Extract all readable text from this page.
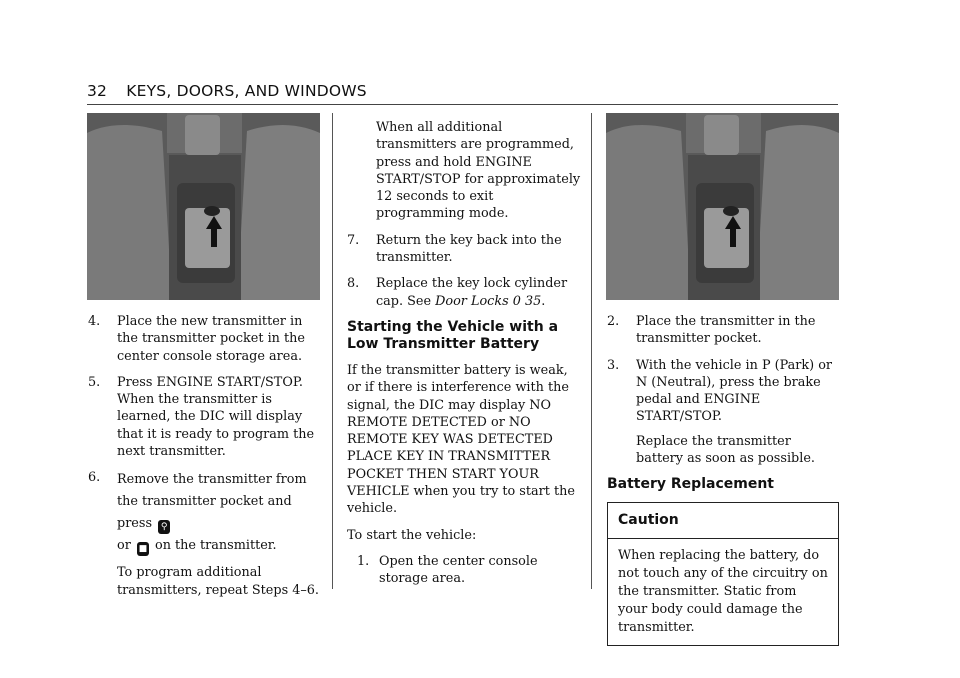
32 KEYS, DOORS, AND WINDOWS
4. Place the new transmitter in the transmitter pocket in the center console storage area.

5. Press ENGINE START/STOP. When the transmitter is learned, the DIC will display that it is ready to program the next transmitter.

6. Remove the transmitter from the transmitter pocket and press ⚲
or ■ on the transmitter.

To program additional transmitters, repeat Steps 4–6.

When all additional transmitters are programmed, press and hold ENGINE START/STOP for approximately 12 seconds to exit programming mode.
7. Return the key back into the transmitter.

8. Replace the key lock cylinder cap. See Door Locks 0 35.

Starting the Vehicle with a Low Transmitter Battery

If the transmitter battery is weak, or if there is interference with the signal, the DIC may display NO REMOTE DETECTED or NO REMOTE KEY WAS DETECTED PLACE KEY IN TRANSMITTER POCKET THEN START YOUR VEHICLE when you try to start the vehicle.

To start the vehicle:

1. Open the center console storage area.

2. Place the transmitter in the transmitter pocket.

3. With the vehicle in P (Park) or N (Neutral), press the brake pedal and ENGINE START/STOP.

Replace the transmitter battery as soon as possible.

Battery Replacement
Caution
When replacing the battery, do not touch any of the circuitry on the transmitter. Static from your body could damage the transmitter.
